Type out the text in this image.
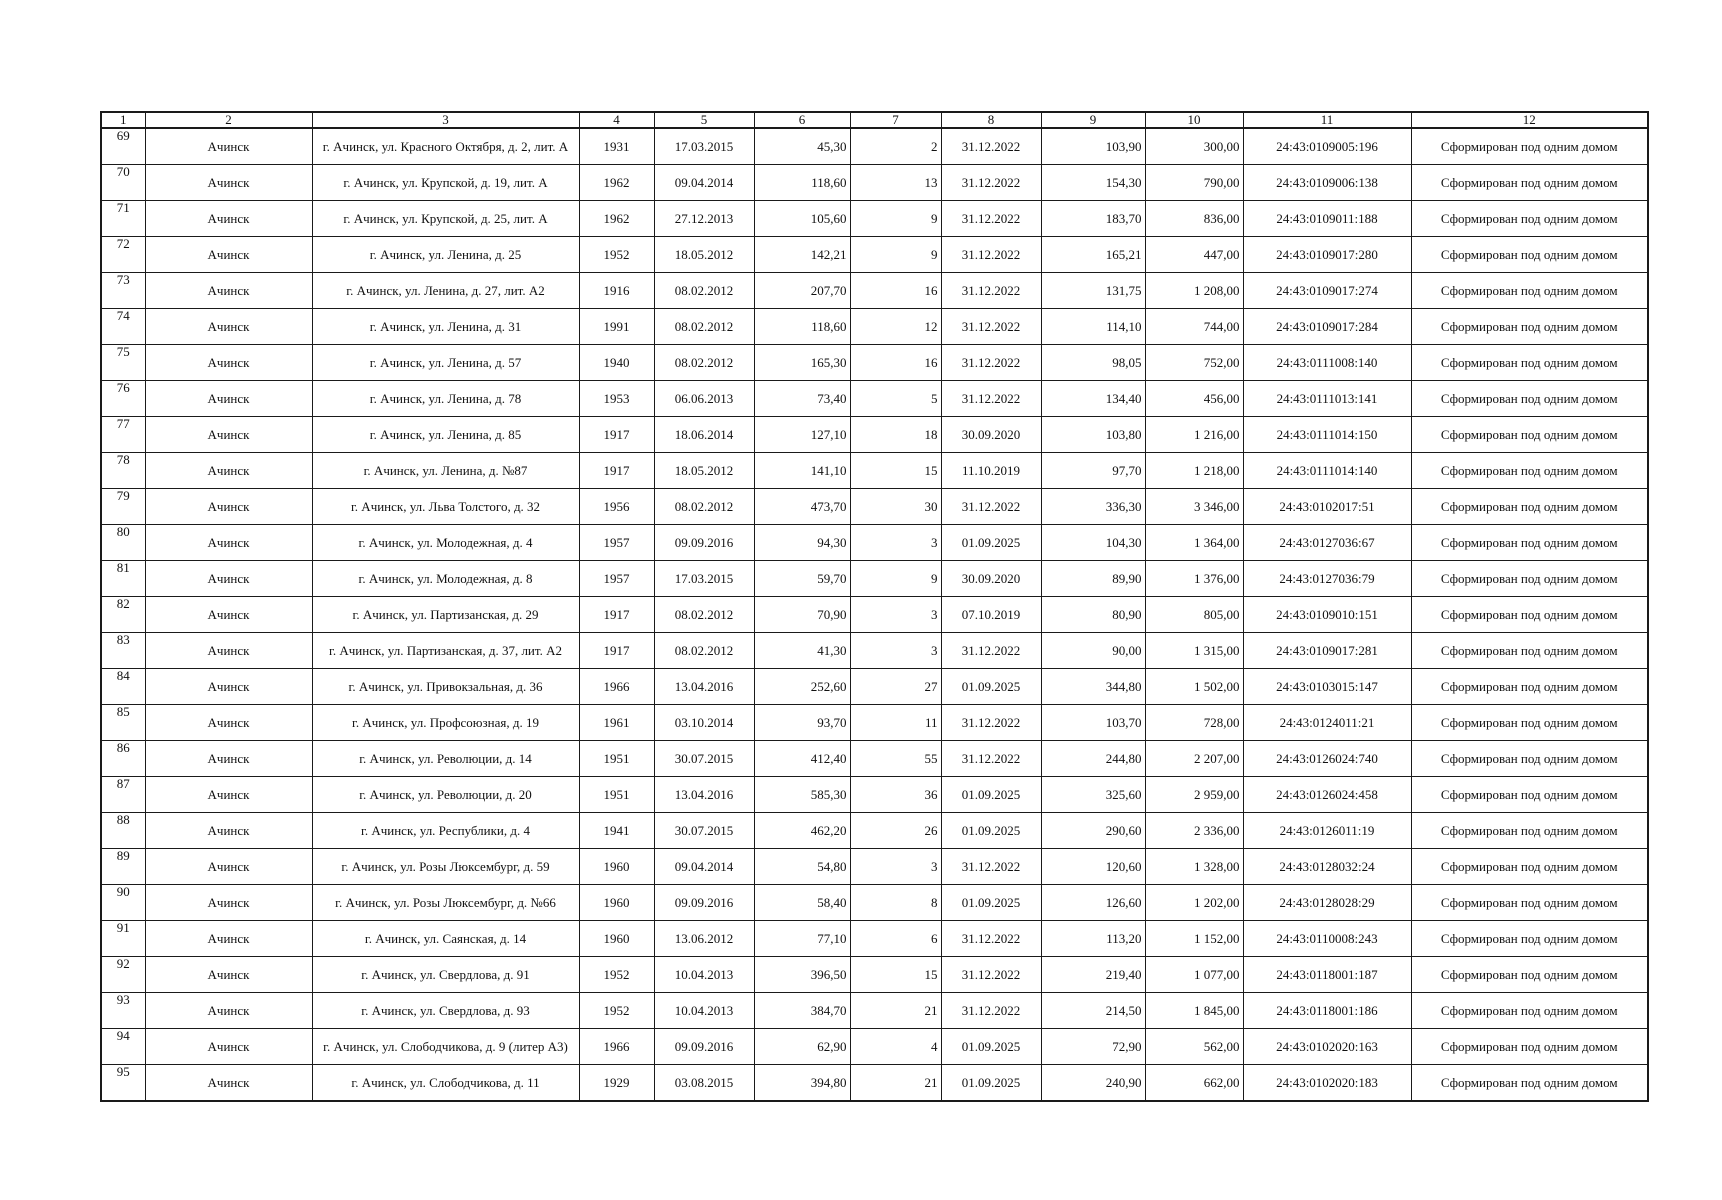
1	2	3	4	5	6	7	8	9	10	11	12
69	Ачинск	г. Ачинск, ул. Красного Октября, д. 2, лит. А	1931	17.03.2015	45,30	2	31.12.2022	103,90	300,00	24:43:0109005:196	Сформирован под одним домом
70	Ачинск	г. Ачинск, ул. Крупской, д. 19, лит. А	1962	09.04.2014	118,60	13	31.12.2022	154,30	790,00	24:43:0109006:138	Сформирован под одним домом
71	Ачинск	г. Ачинск, ул. Крупской, д. 25, лит. А	1962	27.12.2013	105,60	9	31.12.2022	183,70	836,00	24:43:0109011:188	Сформирован под одним домом
72	Ачинск	г. Ачинск, ул. Ленина, д. 25	1952	18.05.2012	142,21	9	31.12.2022	165,21	447,00	24:43:0109017:280	Сформирован под одним домом
73	Ачинск	г. Ачинск, ул. Ленина, д. 27, лит. А2	1916	08.02.2012	207,70	16	31.12.2022	131,75	1 208,00	24:43:0109017:274	Сформирован под одним домом
74	Ачинск	г. Ачинск, ул. Ленина, д. 31	1991	08.02.2012	118,60	12	31.12.2022	114,10	744,00	24:43:0109017:284	Сформирован под одним домом
75	Ачинск	г. Ачинск, ул. Ленина, д. 57	1940	08.02.2012	165,30	16	31.12.2022	98,05	752,00	24:43:0111008:140	Сформирован под одним домом
76	Ачинск	г. Ачинск, ул. Ленина, д. 78	1953	06.06.2013	73,40	5	31.12.2022	134,40	456,00	24:43:0111013:141	Сформирован под одним домом
77	Ачинск	г. Ачинск, ул. Ленина, д. 85	1917	18.06.2014	127,10	18	30.09.2020	103,80	1 216,00	24:43:0111014:150	Сформирован под одним домом
78	Ачинск	г. Ачинск, ул. Ленина, д. №87	1917	18.05.2012	141,10	15	11.10.2019	97,70	1 218,00	24:43:0111014:140	Сформирован под одним домом
79	Ачинск	г. Ачинск, ул. Льва Толстого, д. 32	1956	08.02.2012	473,70	30	31.12.2022	336,30	3 346,00	24:43:0102017:51	Сформирован под одним домом
80	Ачинск	г. Ачинск, ул. Молодежная, д. 4	1957	09.09.2016	94,30	3	01.09.2025	104,30	1 364,00	24:43:0127036:67	Сформирован под одним домом
81	Ачинск	г. Ачинск, ул. Молодежная, д. 8	1957	17.03.2015	59,70	9	30.09.2020	89,90	1 376,00	24:43:0127036:79	Сформирован под одним домом
82	Ачинск	г. Ачинск, ул. Партизанская, д. 29	1917	08.02.2012	70,90	3	07.10.2019	80,90	805,00	24:43:0109010:151	Сформирован под одним домом
83	Ачинск	г. Ачинск, ул. Партизанская, д. 37, лит. А2	1917	08.02.2012	41,30	3	31.12.2022	90,00	1 315,00	24:43:0109017:281	Сформирован под одним домом
84	Ачинск	г. Ачинск, ул. Привокзальная, д. 36	1966	13.04.2016	252,60	27	01.09.2025	344,80	1 502,00	24:43:0103015:147	Сформирован под одним домом
85	Ачинск	г. Ачинск, ул. Профсоюзная, д. 19	1961	03.10.2014	93,70	11	31.12.2022	103,70	728,00	24:43:0124011:21	Сформирован под одним домом
86	Ачинск	г. Ачинск, ул. Революции, д. 14	1951	30.07.2015	412,40	55	31.12.2022	244,80	2 207,00	24:43:0126024:740	Сформирован под одним домом
87	Ачинск	г. Ачинск, ул. Революции, д. 20	1951	13.04.2016	585,30	36	01.09.2025	325,60	2 959,00	24:43:0126024:458	Сформирован под одним домом
88	Ачинск	г. Ачинск, ул. Республики, д. 4	1941	30.07.2015	462,20	26	01.09.2025	290,60	2 336,00	24:43:0126011:19	Сформирован под одним домом
89	Ачинск	г. Ачинск, ул. Розы Люксембург, д. 59	1960	09.04.2014	54,80	3	31.12.2022	120,60	1 328,00	24:43:0128032:24	Сформирован под одним домом
90	Ачинск	г. Ачинск, ул. Розы Люксембург, д. №66	1960	09.09.2016	58,40	8	01.09.2025	126,60	1 202,00	24:43:0128028:29	Сформирован под одним домом
91	Ачинск	г. Ачинск, ул. Саянская, д. 14	1960	13.06.2012	77,10	6	31.12.2022	113,20	1 152,00	24:43:0110008:243	Сформирован под одним домом
92	Ачинск	г. Ачинск, ул. Свердлова, д. 91	1952	10.04.2013	396,50	15	31.12.2022	219,40	1 077,00	24:43:0118001:187	Сформирован под одним домом
93	Ачинск	г. Ачинск, ул. Свердлова, д. 93	1952	10.04.2013	384,70	21	31.12.2022	214,50	1 845,00	24:43:0118001:186	Сформирован под одним домом
94	Ачинск	г. Ачинск, ул. Слободчикова, д. 9 (литер А3)	1966	09.09.2016	62,90	4	01.09.2025	72,90	562,00	24:43:0102020:163	Сформирован под одним домом
95	Ачинск	г. Ачинск, ул. Слободчикова, д. 11	1929	03.08.2015	394,80	21	01.09.2025	240,90	662,00	24:43:0102020:183	Сформирован под одним домом
